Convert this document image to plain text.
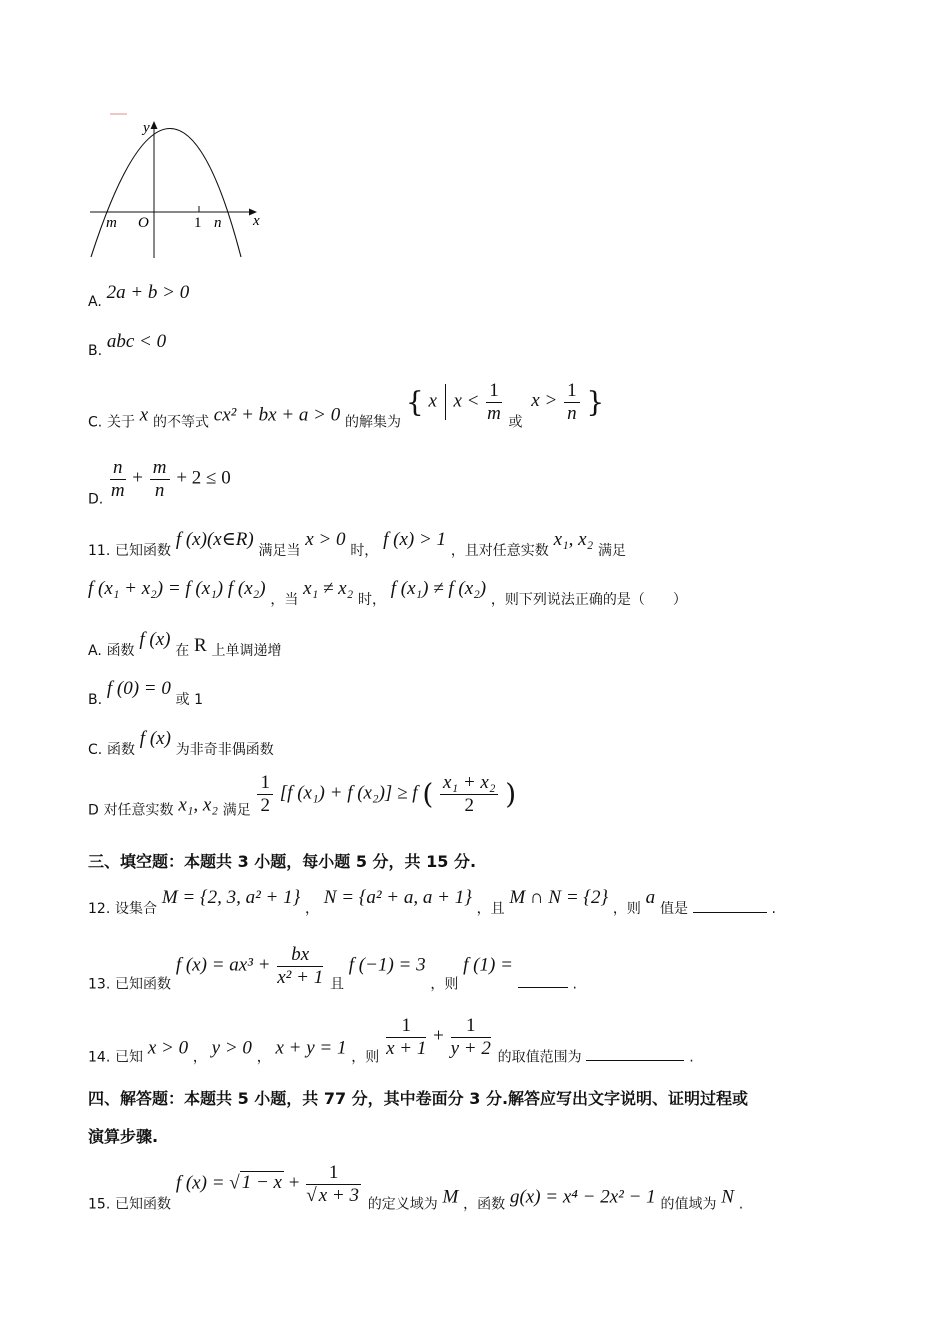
y
x
m O	1 n
A. 2a + b > 0
B. abc < 0
C. 关于 x 的不等式 cx² + bx + a > 0 的解集为 { x $x < \frac{1}{m}$ 或 $x > \frac{1}{n}$ }
D. $\frac{n}{m} + \frac{m}{n} + 2 \le 0$
11. 已知函数 f (x)(x∈R) 满足当 x > 0 时， f (x) > 1 ，且对任意实数 x₁, x₂ 满足
f (x₁ + x₂) = f (x₁) f (x₂) ，当 x₁ ≠ x₂ 时， f (x₁) ≠ f (x₂) ，则下列说法正确的是（　　）
A. 函数 f (x) 在 R 上单调递增
B. f (0) = 0 或 1
C. 函数 f (x) 为非奇非偶函数
D 对任意实数 x₁, x₂ 满足 $\frac{1}{2} [f$ (x₁) + f (x₂)] ≥ f ( $\frac{\text{x₁ + x₂}}{2}$ )
三、填空题：本题共 3 小题，每小题 5 分，共 15 分.
12. 设集合 M = {2, 3, a² + 1} ， N = {a² + a, a + 1} ，且 M ∩ N = {2} ，则 a 值是	.
13. 已知函数 f $(x) = ax^3 + \frac{bx}{\text{x² + 1}}$ 且 f (−1) = 3 ，则 f (1) =  .
14. 已知 x > 0 ， y > 0 ， x + y = 1 ，则 $\frac{1}{x + 1} + \frac{1}{y + 2}$ 的取值范围为	.
四、解答题：本题共 5 小题，共 77 分，其中卷面分 3 分.解答应写出文字说明、证明过程或
演算步骤.
15. 已知函数 f (x) = √ $1 - x + \frac{1}{√ x + 3}$ 的定义域为 M ，函数 g(x) = x⁴ − 2x² − 1 的值域为 N .
